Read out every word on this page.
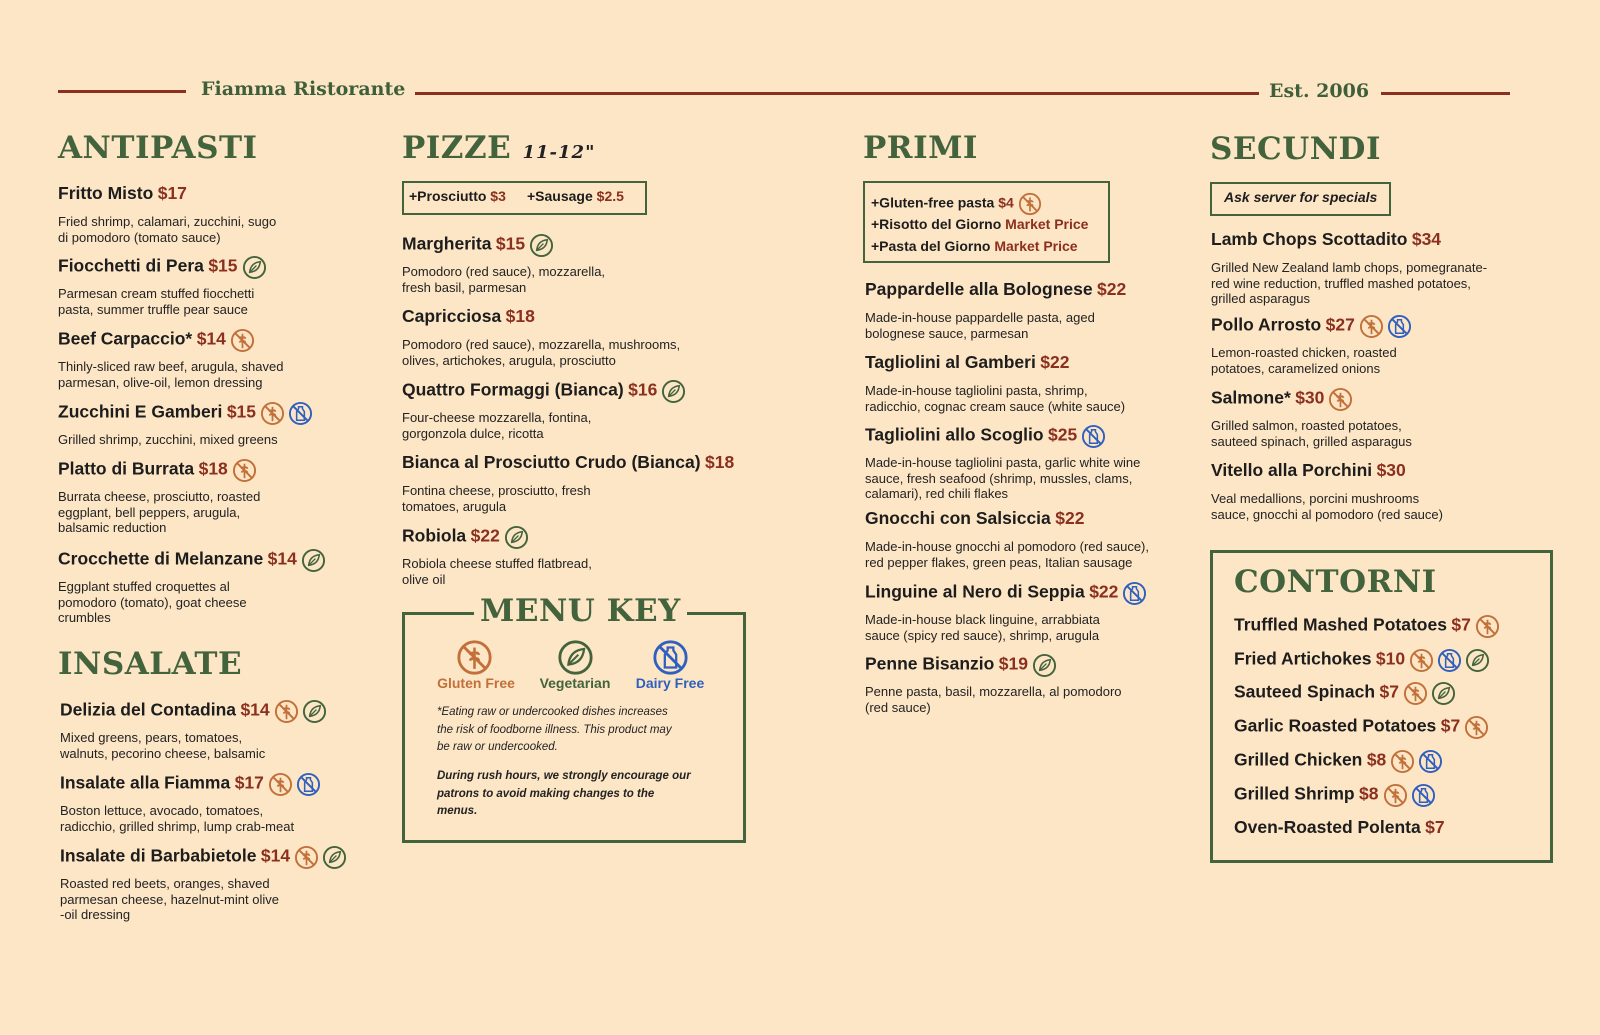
Fiamma Ristorante	Est. 2006
ANTIPASTI
Fritto Misto $17
Fried shrimp, calamari, zucchini, sugo
di pomodoro (tomato sauce)
Fiocchetti di Pera $15
Parmesan cream stuffed fiocchetti
pasta, summer truffle pear sauce
Beef Carpaccio* $14
Thinly-sliced raw beef, arugula, shaved
parmesan, olive-oil, lemon dressing
Zucchini E Gamberi $15
Grilled shrimp, zucchini, mixed greens
Platto di Burrata $18
Burrata cheese, prosciutto, roasted
eggplant, bell peppers, arugula,
balsamic reduction
Crocchette di Melanzane $14
Eggplant stuffed croquettes al
pomodoro (tomato), goat cheese
crumbles
INSALATE
Delizia del Contadina $14
Mixed greens, pears, tomatoes,
walnuts, pecorino cheese, balsamic
Insalate alla Fiamma $17
Boston lettuce, avocado, tomatoes,
radicchio, grilled shrimp, lump crab-meat
Insalate di Barbabietole $14
Roasted red beets, oranges, shaved
parmesan cheese, hazelnut-mint olive
-oil dressing
PIZZE 11-12"
+Prosciutto $3 +Sausage $2.5
Margherita $15
Pomodoro (red sauce), mozzarella,
fresh basil, parmesan
Capricciosa $18
Pomodoro (red sauce), mozzarella, mushrooms,
olives, artichokes, arugula, prosciutto
Quattro Formaggi (Bianca) $16
Four-cheese mozzarella, fontina,
gorgonzola dulce, ricotta
Bianca al Prosciutto Crudo (Bianca) $18
Fontina cheese, prosciutto, fresh
tomatoes, arugula
Robiola $22
Robiola cheese stuffed flatbread,
olive oil
MENU KEY
Gluten Free	Vegetarian	Dairy Free
*Eating raw or undercooked dishes increases
the risk of foodborne illness. This product may
be raw or undercooked.
During rush hours, we strongly encourage our
patrons to avoid making changes to the
menus.
PRIMI
+Gluten-free pasta $4
+Risotto del Giorno Market Price
+Pasta del Giorno Market Price
Pappardelle alla Bolognese $22
Made-in-house pappardelle pasta, aged
bolognese sauce, parmesan
Tagliolini al Gamberi $22
Made-in-house tagliolini pasta, shrimp,
radicchio, cognac cream sauce (white sauce)
Tagliolini allo Scoglio $25
Made-in-house tagliolini pasta, garlic white wine
sauce, fresh seafood (shrimp, mussles, clams,
calamari), red chili flakes
Gnocchi con Salsiccia $22
Made-in-house gnocchi al pomodoro (red sauce),
red pepper flakes, green peas, Italian sausage
Linguine al Nero di Seppia $22
Made-in-house black linguine, arrabbiata
sauce (spicy red sauce), shrimp, arugula
Penne Bisanzio $19
Penne pasta, basil, mozzarella, al pomodoro
(red sauce)
SECUNDI
Ask server for specials
Lamb Chops Scottadito $34
Grilled New Zealand lamb chops, pomegranate-
red wine reduction, truffled mashed potatoes,
grilled asparagus
Pollo Arrosto $27
Lemon-roasted chicken, roasted
potatoes, caramelized onions
Salmone* $30
Grilled salmon, roasted potatoes,
sauteed spinach, grilled asparagus
Vitello alla Porchini $30
Veal medallions, porcini mushrooms
sauce, gnocchi al pomodoro (red sauce)
CONTORNI
Truffled Mashed Potatoes $7
Fried Artichokes $10
Sauteed Spinach $7
Garlic Roasted Potatoes $7
Grilled Chicken $8
Grilled Shrimp $8
Oven-Roasted Polenta $7
